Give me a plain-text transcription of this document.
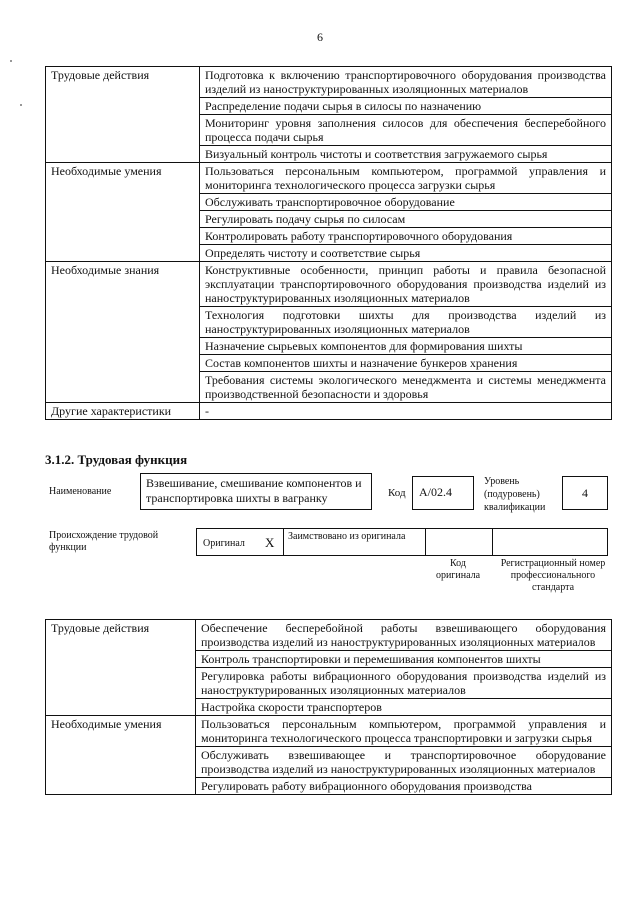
6
Трудовые действия	Подготовка к включению транспортировочного оборудования производства изделий из наноструктурированных изоляционных материалов
	Распределение подачи сырья в силосы по назначению
	Мониторинг уровня заполнения силосов для обеспечения бесперебойного процесса подачи сырья
	Визуальный контроль чистоты и соответствия загружаемого сырья
Необходимые умения	Пользоваться персональным компьютером, программой управления и мониторинга технологического процесса загрузки сырья
	Обслуживать транспортировочное оборудование
	Регулировать подачу сырья по силосам
	Контролировать работу транспортировочного оборудования
	Определять чистоту и соответствие сырья
Необходимые знания	Конструктивные особенности, принцип работы и правила безопасной эксплуатации транспортировочного оборудования производства изделий из наноструктурированных изоляционных материалов
	Технология подготовки шихты для производства изделий из наноструктурированных изоляционных материалов
	Назначение сырьевых компонентов для формирования шихты
	Состав компонентов шихты и назначение бункеров хранения
	Требования системы экологического менеджмента и системы менеджмента производственной безопасности и здоровья
Другие характеристики	-
3.1.2. Трудовая функция
Наименование
Взвешивание, смешивание компонентов и транспортировка шихты в вагранку	Код	А/02.4
Уровень
(подуровень)
квалификации
4
Происхождение трудовой функции	Оригинал X Заимствовано из оригинала
Код оригинала
Регистрационный номер профессионального стандарта
Трудовые действия	Обеспечение бесперебойной работы взвешивающего оборудования производства изделий из наноструктурированных изоляционных материалов
	Контроль транспортировки и перемешивания компонентов шихты
	Регулировка работы вибрационного оборудования производства изделий из наноструктурированных изоляционных материалов
	Настройка скорости транспортеров
Необходимые умения	Пользоваться персональным компьютером, программой управления и мониторинга технологического процесса транспортировки и загрузки сырья
	Обслуживать взвешивающее и транспортировочное оборудование производства изделий из наноструктурированных изоляционных материалов
	Регулировать работу вибрационного оборудования производства
